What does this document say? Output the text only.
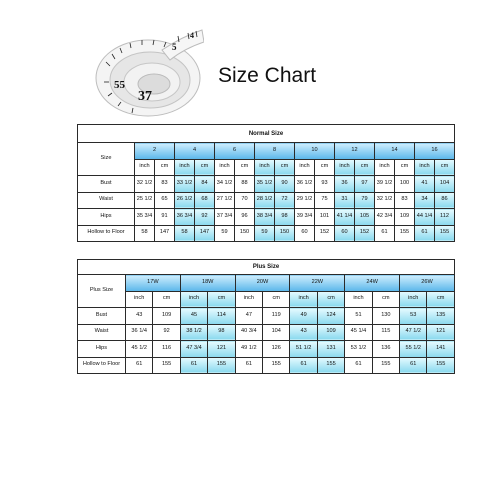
55
37
5
4
Size Chart
Normal Size																
Size	2		4		6		8		10		12		14		16	
	inch	cm	inch	cm	inch	cm	inch	cm	inch	cm	inch	cm	inch	cm	inch	cm
Bust	32 1/2	83	33 1/2	84	34 1/2	88	35 1/2	90	36 1/2	93	36	97	39 1/2	100	41	104
Waist	25 1/2	65	26 1/2	68	27 1/2	70	28 1/2	72	29 1/2	75	31	79	32 1/2	83	34	86
Hips	35 3/4	91	36 3/4	92	37 3/4	96	38 3/4	98	39 3/4	101	41 1/4	105	42 3/4	109	44 1/4	112
Hollow to Floor	58	147	58	147	59	150	59	150	60	152	60	152	61	155	61	155
Plus Size												
Plus Size	17W		18W		20W		22W		24W		26W	
	inch	cm	inch	cm	inch	cm	inch	cm	inch	cm	inch	cm
Bust	43	109	45	114	47	119	49	124	51	130	53	135
Waist	36 1/4	92	38 1/2	98	40 3/4	104	43	109	45 1/4	115	47 1/2	121
Hips	45 1/2	116	47 3/4	121	49 1/2	126	51 1/2	131	53 1/2	136	55 1/2	141
Hollow to Floor	61	155	61	155	61	155	61	155	61	155	61	155
